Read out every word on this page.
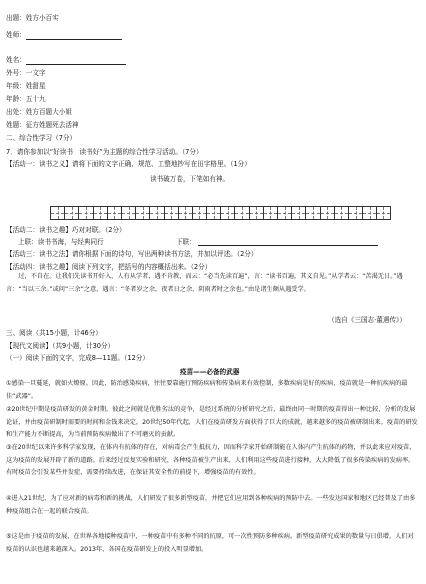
出题：姓方小百实
姓师：
姓名：
外号：一文字
年级：姓甜星
年龄：五十九
出处：姓方百题大小姐
姓题：征方姓题死去活神
二、综合性学习（7分）
7．请你参加以“好读书　读书好”为主题的综合性学习活动。（7分）
【活动一：读书之义】请将下面的文字正确、规范、工整地抄写在田字格里。（1分）
读书破万卷，下笔如有神。
【活动二：读书之趣】巧对对联。（2分）
上联：读书书海，与经典同行	下联：
【活动三：读书之法】请你根据下面的诗句，写出两种读书方法，并加以评述。（2分）
【活动四：读书之趣】阅读下列文字，把括号的内容概括出来。（2分）
　　过，不自在。让我们先读书开好入，人有从学者，遇不肯教，而云：“必当先读百遍”，言：“读书百遍，其义自见。”从学者云：“苦渴无日。”遇言：“当以三余。”或问“三余”之意，遇言：“冬者岁之余，夜者日之余，阴雨者时之余也。”由是诸生颇从遇受学。
（选自《三国志·董遇传》）
三、阅读（共15小题，计46分）
【现代文阅读】（共9小题，计30分）
（一）阅读下面的文字，完成8—11题。（12分）
疫苗——必备的武器
①感染一旦蔓延，就如火燎原。因此，防治感染疾病，往往要靠施行预防疾病和传染病来有效控制，多数疾病是好的疾病，疫苗就是一种抗疾病的最佳“武器”。
②20世纪中期是疫苗研发的黄金时期，彼此之间就是优胜劣汰的竞争，是经过系统的分析研究之后，最终由同一时期的疫苗得出一种比较、分析的发展论证，并由疫苗研制时需要的时间和金钱来决定，20世纪50年代起，人们在疫苗研发方面获得了巨大的成就，越来越多的疫苗被研制出来。疫苗的研发和生产能力不断提高，为当前预防疾病做出了不可磨灭的贡献。
③在20世纪以来许多科学家发现，在体内有抗体的存在，对病毒会产生抵抗力，因而科学家开始研制能在人体内产生抗体的药物，并以此来应对疫苗，这为疫苗的发展开辟了新的道路。后来经过反复实验和研究，各种疫苗被生产出来，人们利用这些疫苗进行接种，大大降低了很多传染疾病的发病率。有时疫苗会引发某些并发症，需要持续改进，在保证其安全性的前提下，增强疫苗的有效性。
④进入21世纪，为了应对新的病毒和新的挑战，人们研发了很多新型疫苗，并把它们应用到各种疾病的预防中去。一些发达国家和地区已经普及了由多种疫苗组合在一起的联合疫苗。
⑤这是由于疫苗的发展，在世界各地接种疫苗中，一种疫苗中有多种不同的抗原，可一次性预防多种疾病。新型疫苗研究成果的数量与日俱增，人们对疫苗的认识也越来越深入。2013年，各国在疫苗研发上的投入明显增加。
